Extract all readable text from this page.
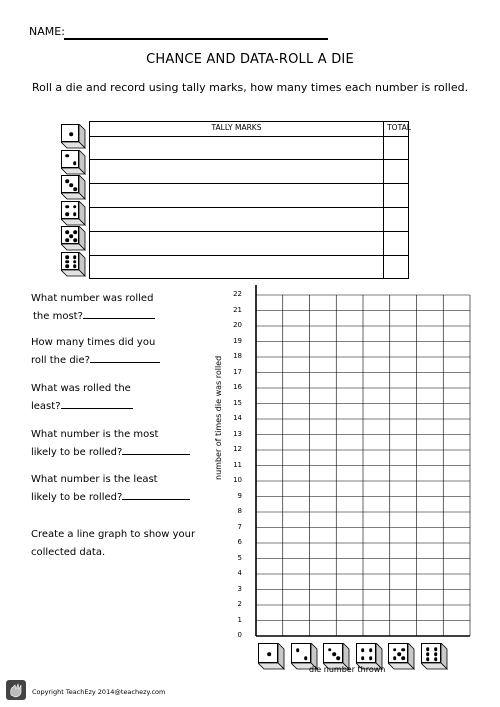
NAME:
CHANCE AND DATA-ROLL A DIE
Roll a die and record using tally marks, how many times each number is rolled.
TALLY MARKS	TOTAL
What number was rolled
the most?
How many times did you
roll the die?
What was rolled the
least?
What number is the most
likely to be rolled?
What number is the least
likely to be rolled?
Create a line graph to show your
collected data.
0
1
2
3
4
5
6
7
8
9
10
11
12
13
14
15
16
17
18
19
20
21
22
number of times die was rolled
die number thrown
Copyright TeachEzy 2014@teachezy.com
